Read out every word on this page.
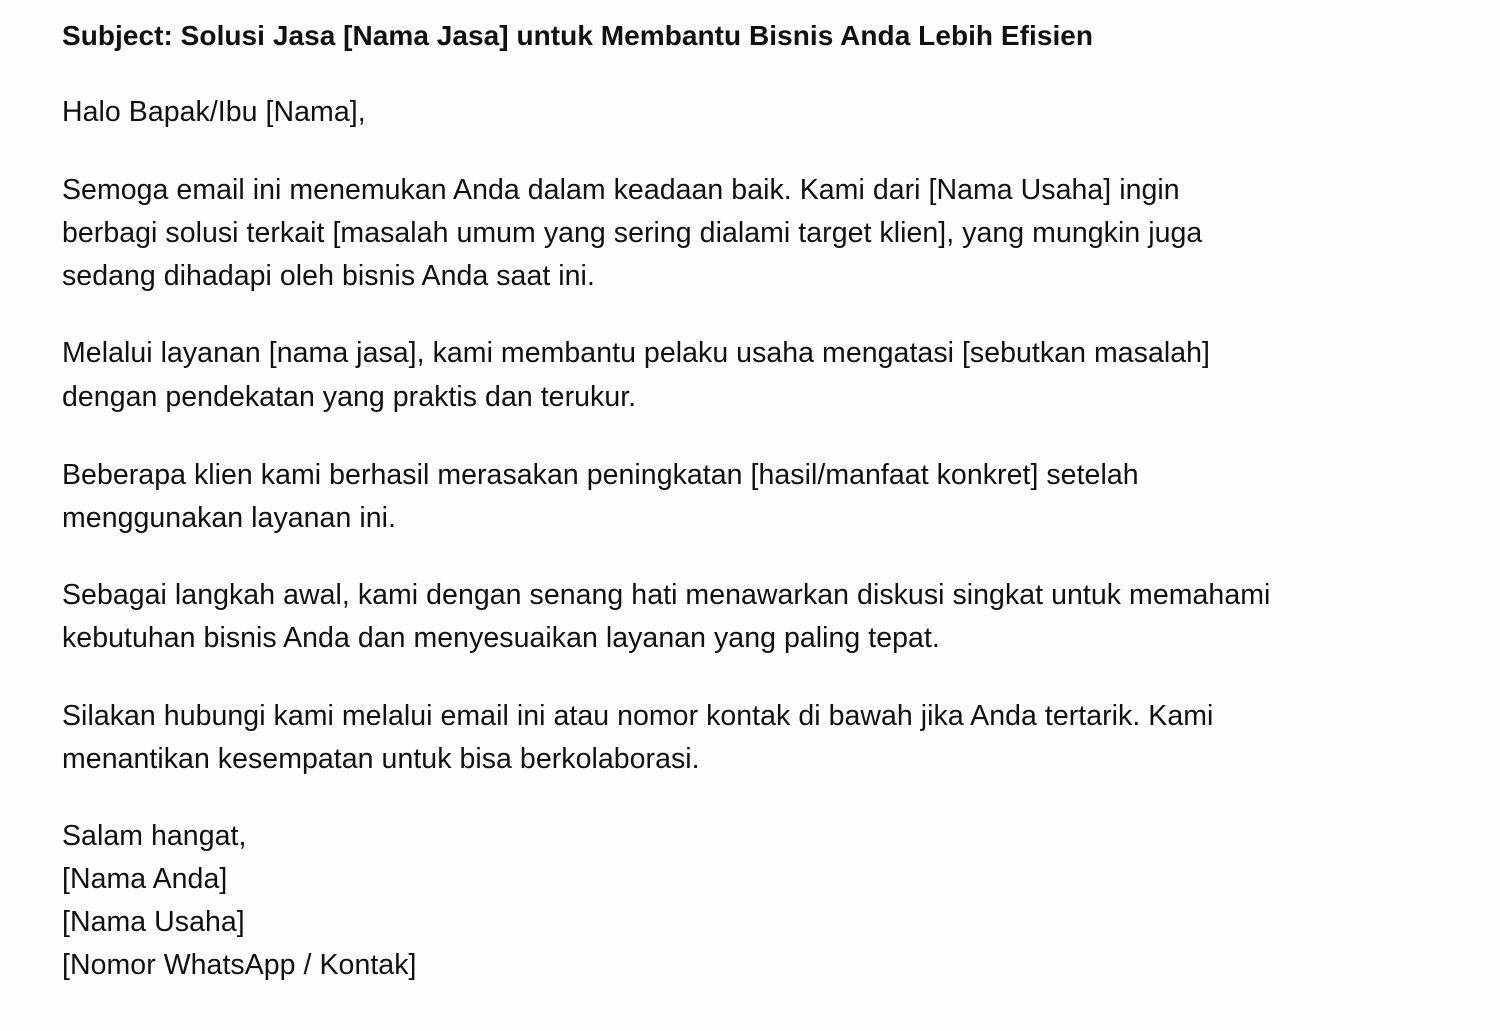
Subject: Solusi Jasa [Nama Jasa] untuk Membantu Bisnis Anda Lebih Efisien
Halo Bapak/Ibu [Nama],
Semoga email ini menemukan Anda dalam keadaan baik. Kami dari [Nama Usaha] ingin
berbagi solusi terkait [masalah umum yang sering dialami target klien], yang mungkin juga
sedang dihadapi oleh bisnis Anda saat ini.
Melalui layanan [nama jasa], kami membantu pelaku usaha mengatasi [sebutkan masalah]
dengan pendekatan yang praktis dan terukur.
Beberapa klien kami berhasil merasakan peningkatan [hasil/manfaat konkret] setelah
menggunakan layanan ini.
Sebagai langkah awal, kami dengan senang hati menawarkan diskusi singkat untuk memahami
kebutuhan bisnis Anda dan menyesuaikan layanan yang paling tepat.
Silakan hubungi kami melalui email ini atau nomor kontak di bawah jika Anda tertarik. Kami
menantikan kesempatan untuk bisa berkolaborasi.
Salam hangat,
[Nama Anda]
[Nama Usaha]
[Nomor WhatsApp / Kontak]
